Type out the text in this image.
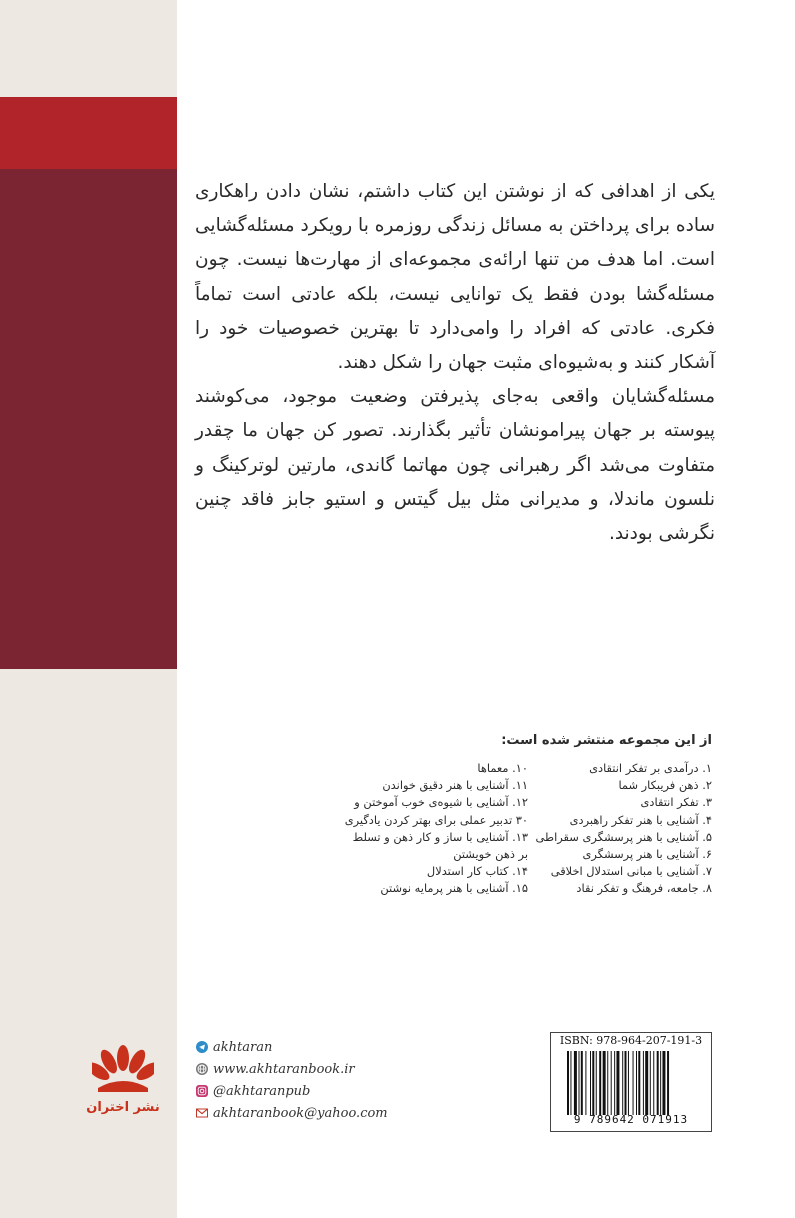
یکی از اهدافی که از نوشتن این کتاب داشتم، نشان دادن راهکاری ساده برای پرداختن به مسائل زندگی روزمره با رویکرد مسئله‌گشایی است. اما هدف من تنها ارائه‌ی مجموعه‌ای از مهارت‌ها نیست. چون مسئله‌گشا بودن فقط یک توانایی نیست، بلکه عادتی است تماماً فکری. عادتی که افراد را وامی‌دارد تا بهترین خصوصیات خود را آشکار کنند و به‌شیوه‌ای مثبت جهان را شکل دهند.

مسئله‌گشایان واقعی به‌جای پذیرفتن وضعیت موجود، می‌کوشند پیوسته بر جهان پیرامونشان تأثیر بگذارند. تصور کن جهان ما چقدر متفاوت می‌شد اگر رهبرانی چون مهاتما گاندی، مارتین لوترکینگ و نلسون ماندلا، و مدیرانی مثل بیل گیتس و استیو جابز فاقد چنین نگرشی بودند.

از این مجموعه منتشر شده است:
۱. درآمدی بر تفکر انتقادی
۲. ذهن فریبکار شما
۳. تفکر انتقادی
۴. آشنایی با هنر تفکر راهبردی
۵. آشنایی با هنر پرسشگری سقراطی
۶. آشنایی با هنر پرسشگری
۷. آشنایی با مبانی استدلال اخلاقی
۸. جامعه، فرهنگ و تفکر نقاد
۱۰. معماها
۱۱. آشنایی با هنر دقیق خواندن
۱۲. آشنایی با شیوه‌ی خوب آموختن و
۳۰ تدبیر عملی برای بهتر کردن یادگیری
۱۳. آشنایی با ساز و کار ذهن و تسلط
بر ذهن خویشتن
۱۴. کتاب کار استدلال
۱۵. آشنایی با هنر پرمایه نوشتن
نشر اختران
akhtaran
www.akhtaranbook.ir
@akhtaranpub
akhtaranbook@yahoo.com
ISBN: 978-964-207-191-3
9 789642 071913
